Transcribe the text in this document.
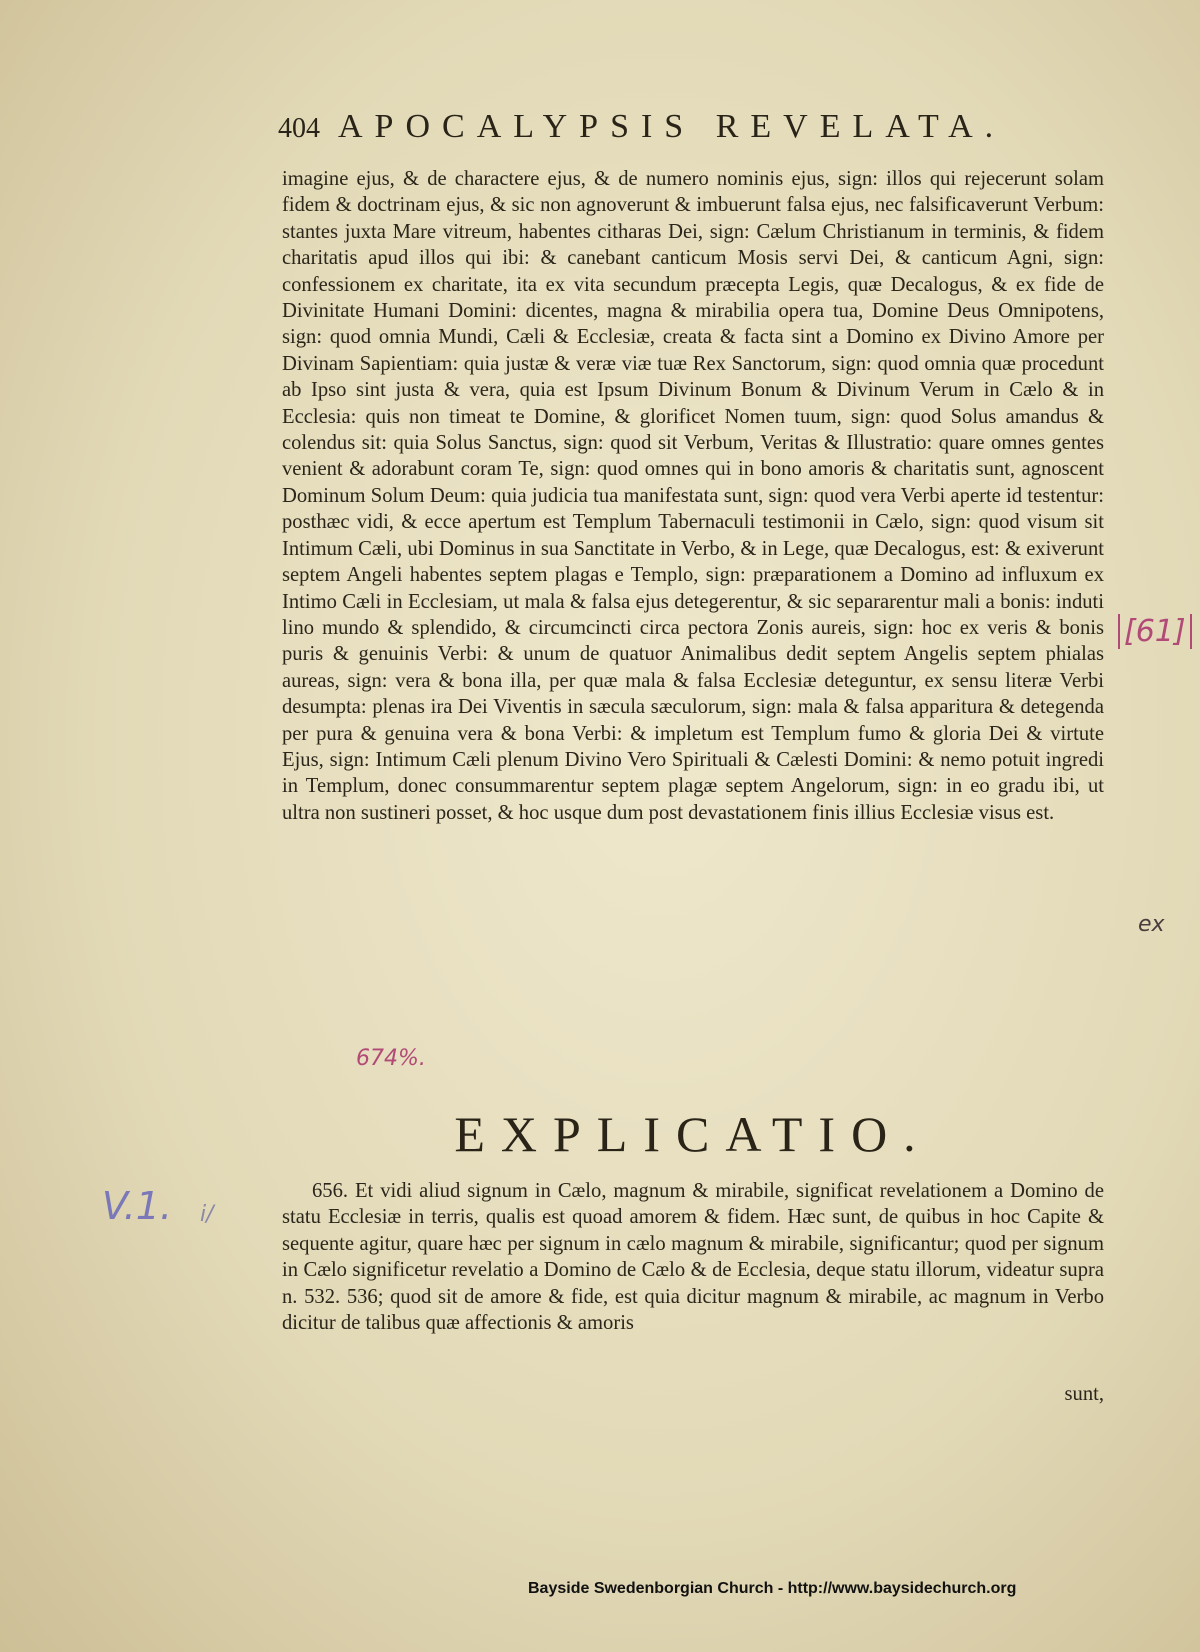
404 APOCALYPSIS REVELATA.

imagine ejus, & de charactere ejus, & de numero nominis ejus, sign: illos qui rejecerunt solam fidem & doctrinam ejus, & sic non agnoverunt & imbuerunt falsa ejus, nec falsificaverunt Verbum: stantes juxta Mare vitreum, habentes citharas Dei, sign: Cælum Christianum in terminis, & fidem charitatis apud illos qui ibi: & canebant canticum Mosis servi Dei, & canticum Agni, sign: confessionem ex charitate, ita ex vita secundum præcepta Legis, quæ Decalogus, & ex fide de Divinitate Humani Domini: dicentes, magna & mirabilia opera tua, Domine Deus Omnipotens, sign: quod omnia Mundi, Cæli & Ecclesiæ, creata & facta sint a Domino ex Divino Amore per Divinam Sapientiam: quia justæ & veræ viæ tuæ Rex Sanctorum, sign: quod omnia quæ procedunt ab Ipso sint justa & vera, quia est Ipsum Divinum Bonum & Divinum Verum in Cælo & in Ecclesia: quis non timeat te Domine, & glorificet Nomen tuum, sign: quod Solus amandus & colendus sit: quia Solus Sanctus, sign: quod sit Verbum, Veritas & Illustratio: quare omnes gentes venient & adorabunt coram Te, sign: quod omnes qui in bono amoris & charitatis sunt, agnoscent Dominum Solum Deum: quia judicia tua manifestata sunt, sign: quod vera Verbi aperte id testentur: posthæc vidi, & ecce apertum est Templum Tabernaculi testimonii in Cælo, sign: quod visum sit Intimum Cæli, ubi Dominus in sua Sanctitate in Verbo, & in Lege, quæ Decalogus, est: & exiverunt septem Angeli habentes septem plagas e Templo, sign: præparationem a Domino ad influxum ex Intimo Cæli in Ecclesiam, ut mala & falsa ejus detegerentur, & sic separarentur mali a bonis: induti lino mundo & splendido, & circumcincti circa pectora Zonis aureis, sign: hoc ex veris & bonis puris & genuinis Verbi: & unum de quatuor Animalibus dedit septem Angelis septem phialas aureas, sign: vera & bona illa, per quæ mala & falsa Ecclesiæ deteguntur, ex sensu literæ Verbi desumpta: plenas ira Dei Viventis in sæcula sæculorum, sign: mala & falsa apparitura & detegenda per pura & genuina vera & bona Verbi: & impletum est Templum fumo & gloria Dei & virtute Ejus, sign: Intimum Cæli plenum Divino Vero Spirituali & Cælesti Domini: & nemo potuit ingredi in Templum, donec consummarentur septem plagæ septem Angelorum, sign: in eo gradu ibi, ut ultra non sustineri posset, & hoc usque dum post devastationem finis illius Ecclesiæ visus est.

674%.
EXPLICATIO.

656. Et vidi aliud signum in Cælo, magnum & mirabile, significat revelationem a Domino de statu Ecclesiæ in terris, qualis est quoad amorem & fidem. Hæc sunt, de quibus in hoc Capite & sequente agitur, quare hæc per signum in cælo magnum & mirabile, significantur; quod per signum in Cælo significetur revelatio a Domino de Cælo & de Ecclesia, deque statu illorum, videatur supra n. 532. 536; quod sit de amore & fide, est quia dicitur magnum & mirabile, ac magnum in Verbo dicitur de talibus quæ affectionis & amoris

sunt,
[61]
ex
V.1. i/
Bayside Swedenborgian Church - http://www.baysidechurch.org
